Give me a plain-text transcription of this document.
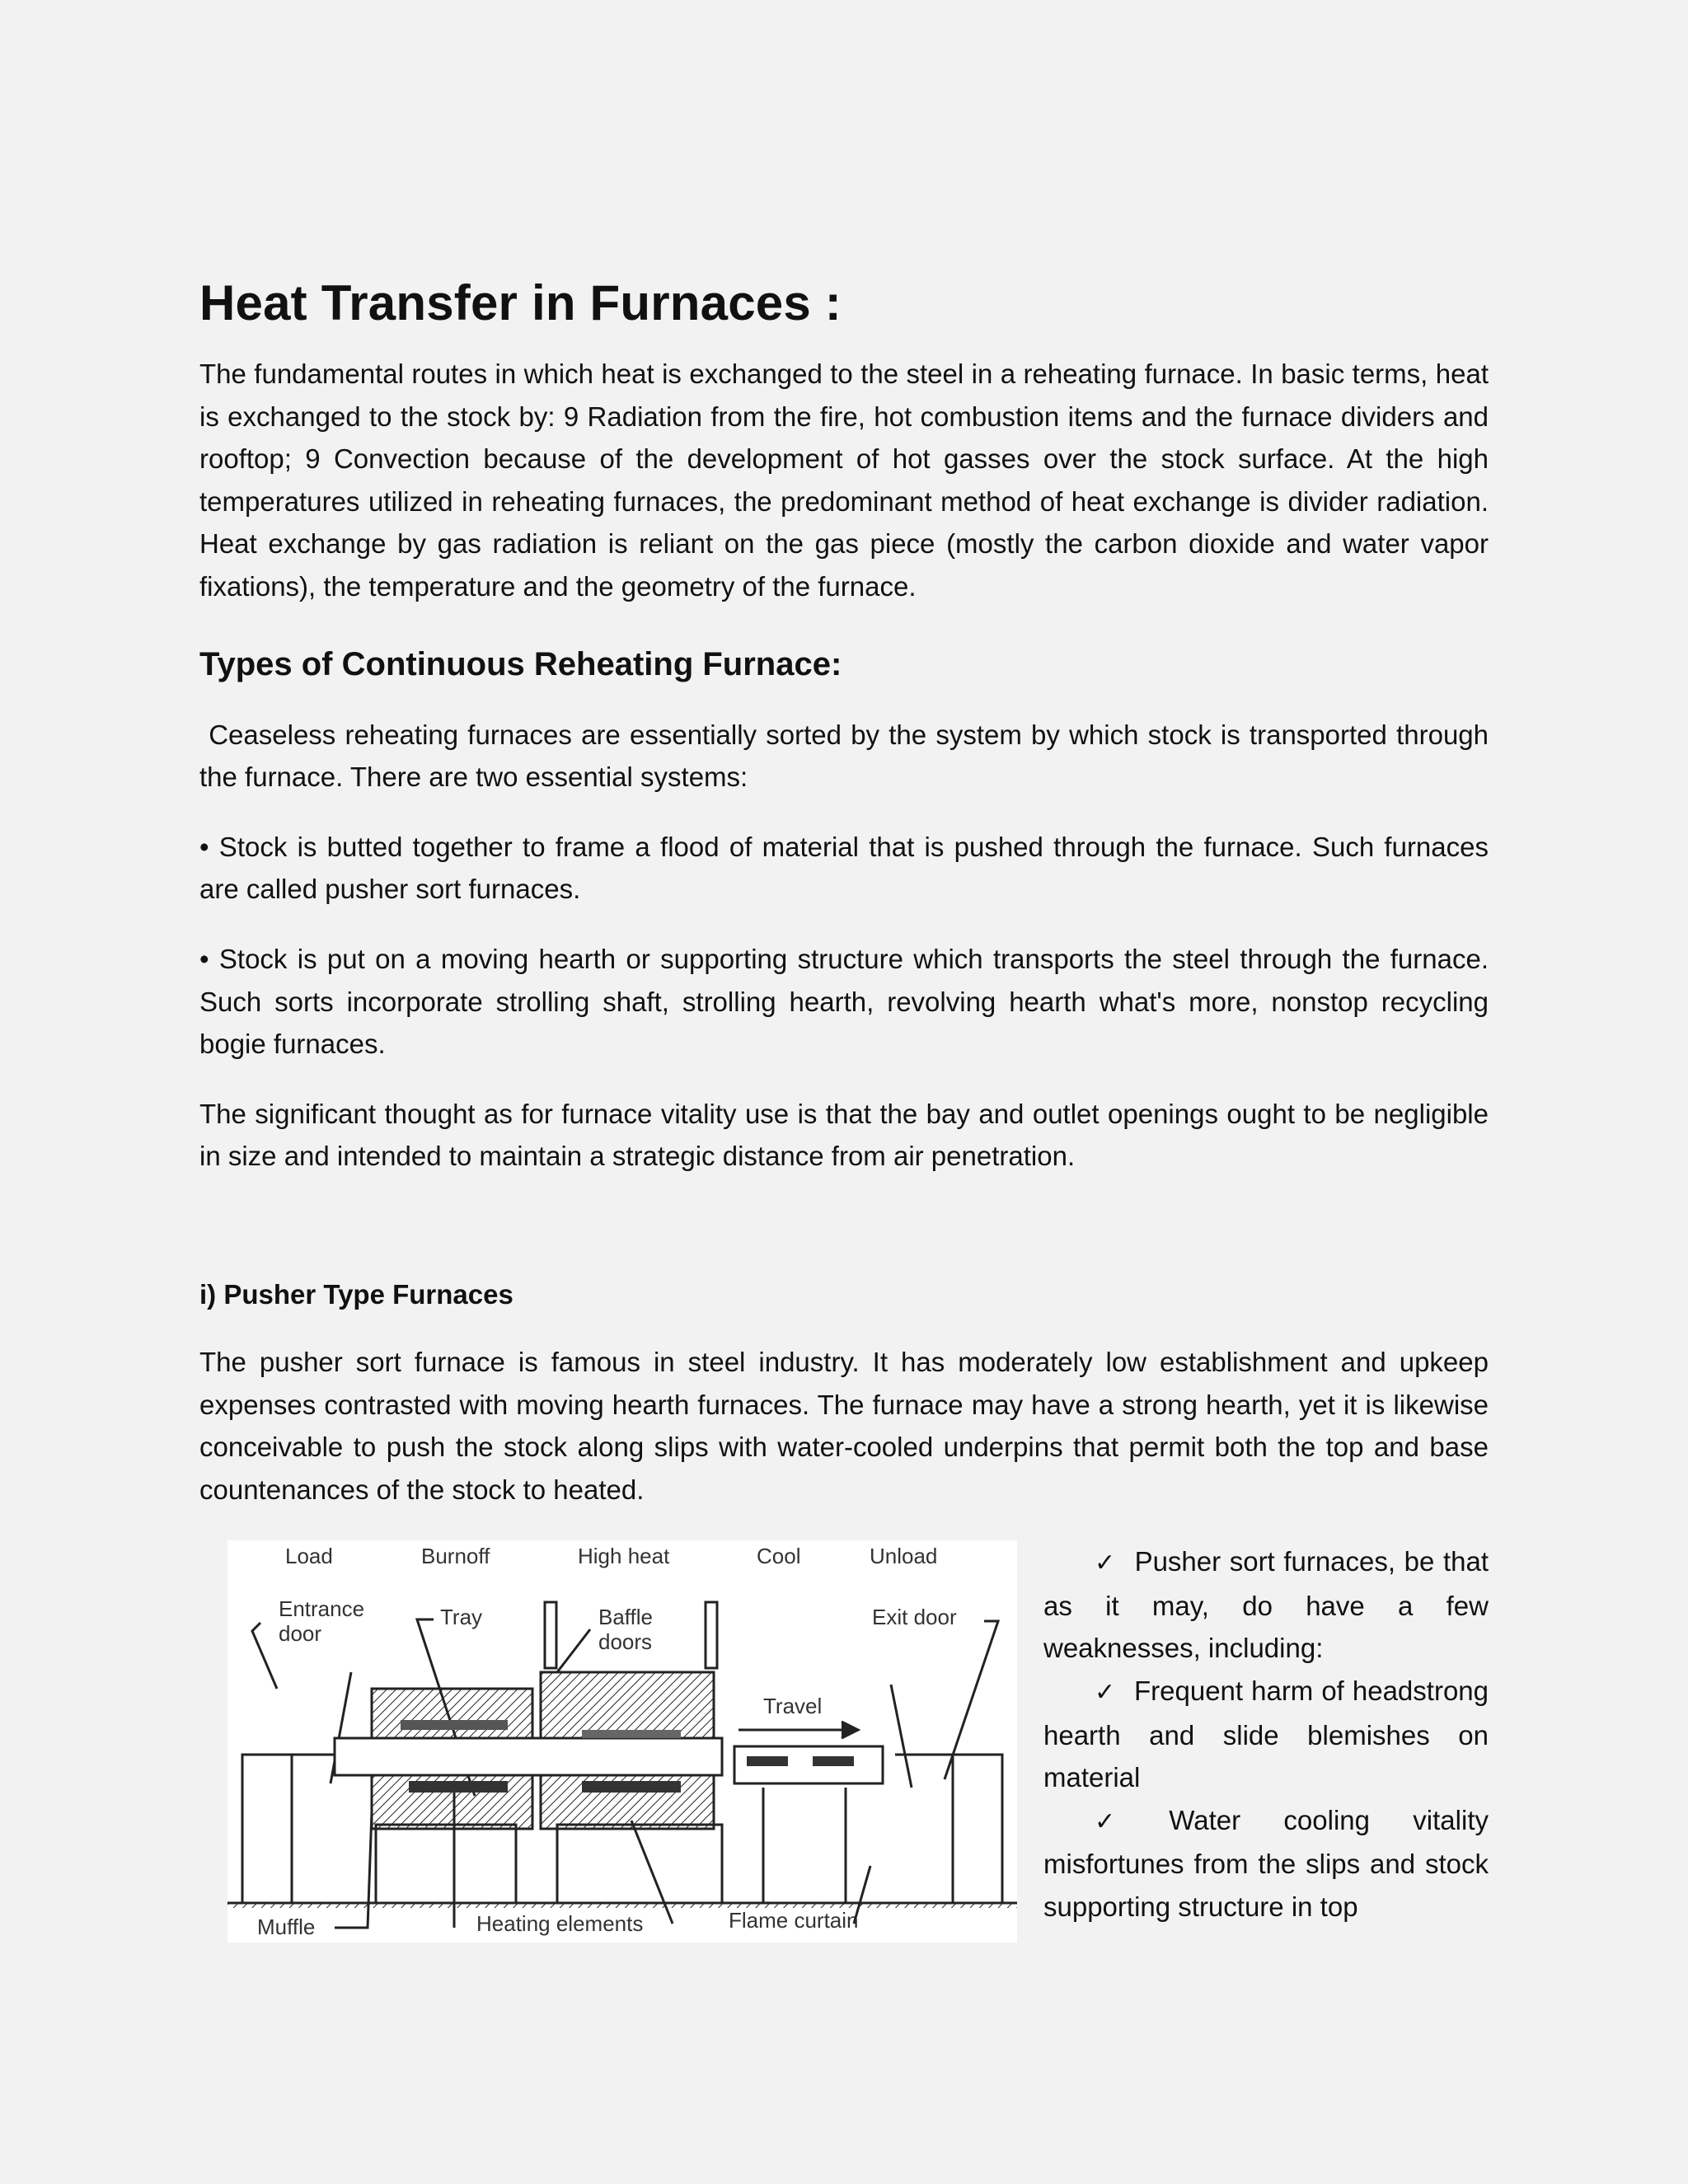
Heat Transfer in Furnaces :

The fundamental routes in which heat is exchanged to the steel in a reheating furnace. In basic terms, heat is exchanged to the stock by: 9 Radiation from the fire, hot combustion items and the furnace dividers and rooftop; 9 Convection because of the development of hot gasses over the stock surface. At the high temperatures utilized in reheating furnaces, the predominant method of heat exchange is divider radiation. Heat exchange by gas radiation is reliant on the gas piece (mostly the carbon dioxide and water vapor fixations), the temperature and the geometry of the furnace.

Types of Continuous Reheating Furnace:

Ceaseless reheating furnaces are essentially sorted by the system by which stock is transported through the furnace. There are two essential systems:

• Stock is butted together to frame a flood of material that is pushed through the furnace. Such furnaces are called pusher sort furnaces.

• Stock is put on a moving hearth or supporting structure which transports the steel through the furnace. Such sorts incorporate strolling shaft, strolling hearth, revolving hearth what's more, nonstop recycling bogie furnaces.

The significant thought as for furnace vitality use is that the bay and outlet openings ought to be negligible in size and intended to maintain a strategic distance from air penetration.

i) Pusher Type Furnaces

The pusher sort furnace is famous in steel industry. It has moderately low establishment and upkeep expenses contrasted with moving hearth furnaces. The furnace may have a strong hearth, yet it is likewise conceivable to push the stock along slips with water-cooled underpins that permit both the top and base countenances of the stock to heated.

Load	Burnoff	High heat	Cool	Unload
Entrance
door
Tray	Baffle
doors
Exit door
Travel
Muffle	Heating elements	Flame curtain

✓ Pusher sort furnaces, be that as it may, do have a few weaknesses, including:

✓ Frequent harm of headstrong hearth and slide blemishes on material

✓ Water cooling vitality misfortunes from the slips and stock supporting structure in top
